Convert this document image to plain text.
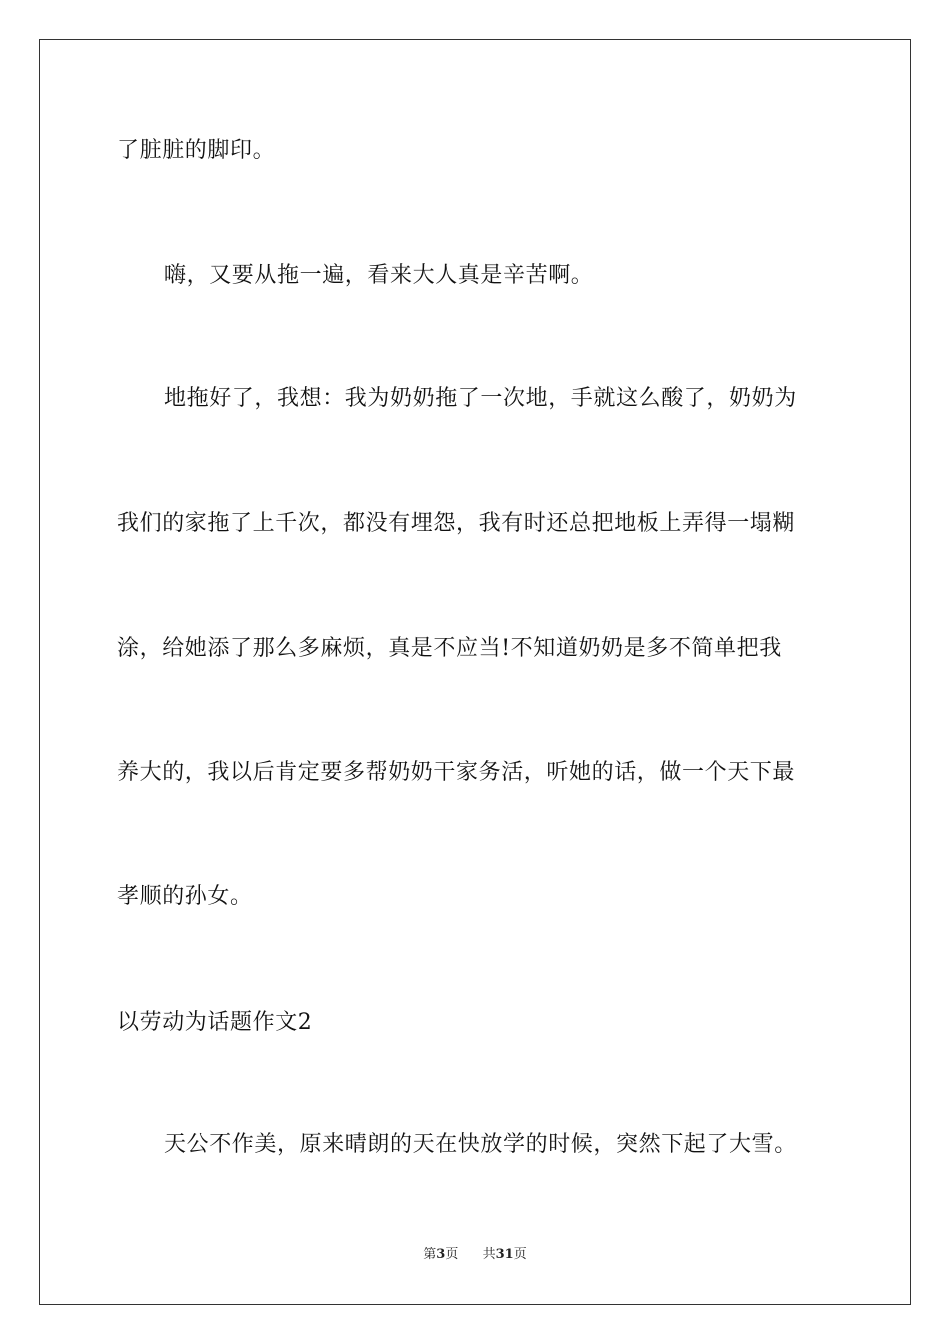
了脏脏的脚印。
嗨，又要从拖一遍，看来大人真是辛苦啊。
地拖好了，我想：我为奶奶拖了一次地，手就这么酸了，奶奶为
我们的家拖了上千次，都没有埋怨，我有时还总把地板上弄得一塌糊
涂，给她添了那么多麻烦，真是不应当!不知道奶奶是多不简单把我
养大的，我以后肯定要多帮奶奶干家务活，听她的话，做一个天下最
孝顺的孙女。
以劳动为话题作文2
天公不作美，原来晴朗的天在快放学的时候，突然下起了大雪。
第3页 共31页
